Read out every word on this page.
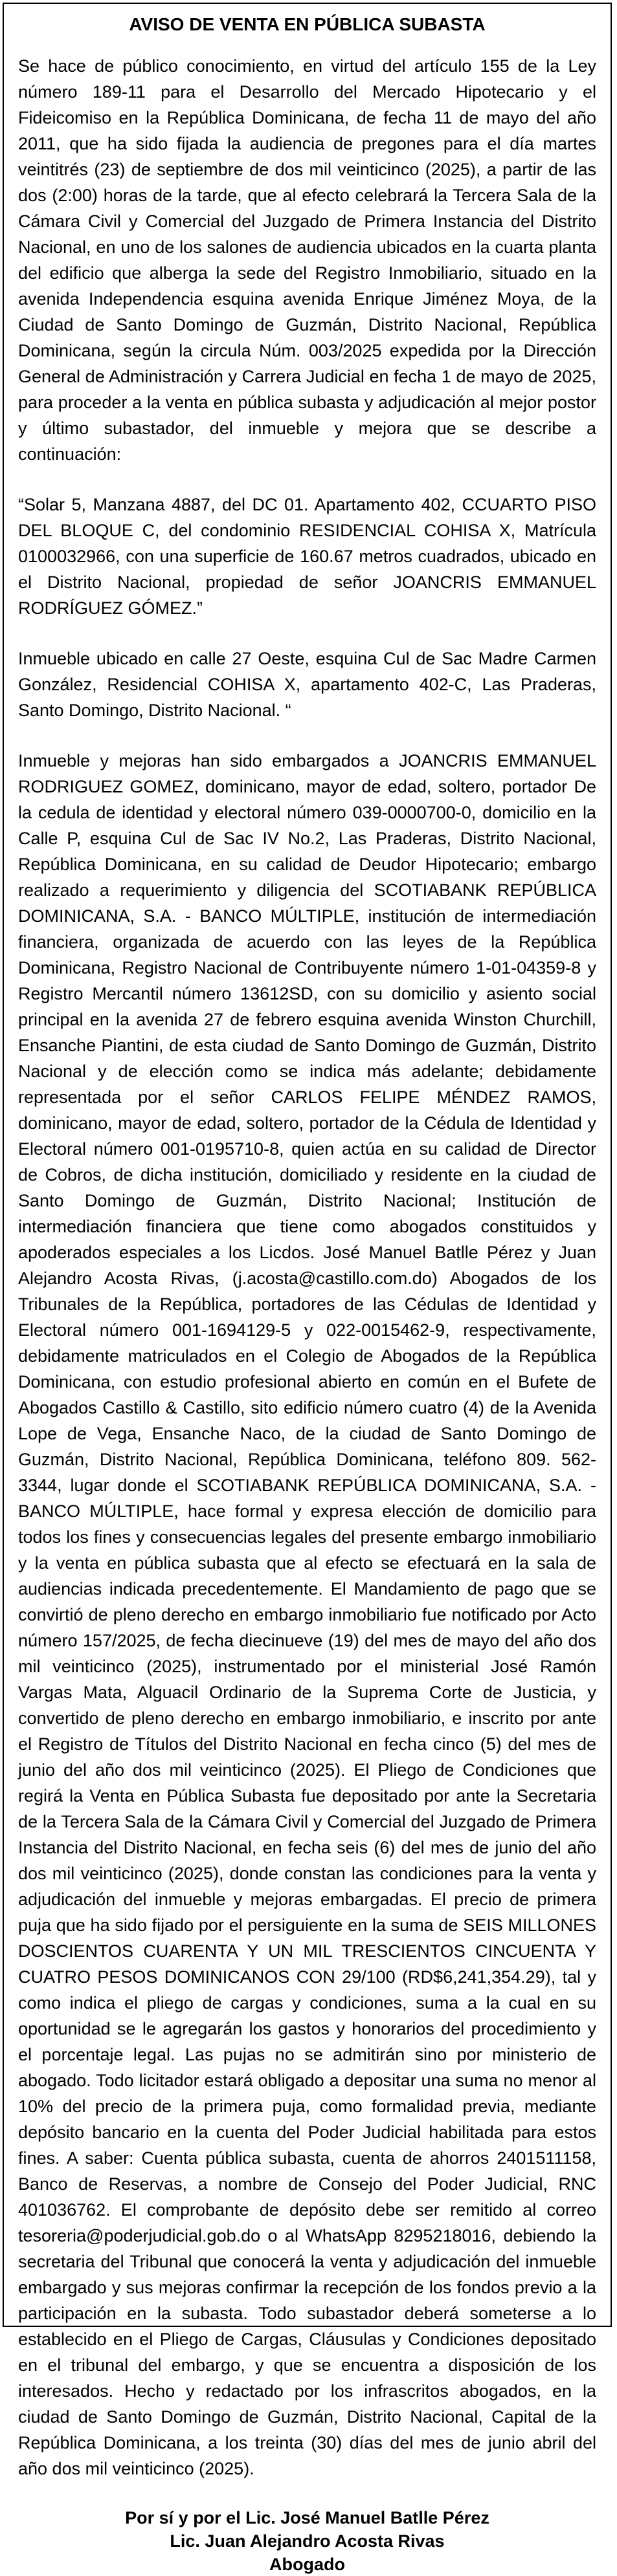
AVISO DE VENTA EN PÚBLICA SUBASTA

Se hace de público conocimiento, en virtud del artículo 155 de la Ley número 189-11 para el Desarrollo del Mercado Hipotecario y el Fideicomiso en la República Dominicana, de fecha 11 de mayo del año 2011, que ha sido fijada la audiencia de pregones para el día martes veintitrés (23) de septiembre de dos mil veinticinco (2025), a partir de las dos (2:00) horas de la tarde, que al efecto celebrará la Tercera Sala de la Cámara Civil y Comercial del Juzgado de Primera Instancia del Distrito Nacional, en uno de los salones de audiencia ubicados en la cuarta planta del edificio que alberga la sede del Registro Inmobiliario, situado en la avenida Independencia esquina avenida Enrique Jiménez Moya, de la Ciudad de Santo Domingo de Guzmán, Distrito Nacional, República Dominicana, según la circula Núm. 003/2025 expedida por la Dirección General de Administración y Carrera Judicial en fecha 1 de mayo de 2025, para proceder a la venta en pública subasta y adjudicación al mejor postor y último subastador, del inmueble y mejora que se describe a continuación:

“Solar 5, Manzana 4887, del DC 01. Apartamento 402, CCUARTO PISO DEL BLOQUE C, del condominio RESIDENCIAL COHISA X, Matrícula 0100032966, con una superficie de 160.67 metros cuadrados, ubicado en el Distrito Nacional, propiedad de señor JOANCRIS EMMANUEL RODRÍGUEZ GÓMEZ.”

Inmueble ubicado en calle 27 Oeste, esquina Cul de Sac Madre Carmen González, Residencial COHISA X, apartamento 402-C, Las Praderas, Santo Domingo, Distrito Nacional. “

Inmueble y mejoras han sido embargados a JOANCRIS EMMANUEL RODRIGUEZ GOMEZ, dominicano, mayor de edad, soltero, portador De la cedula de identidad y electoral número 039-0000700-0, domicilio en la Calle P, esquina Cul de Sac IV No.2, Las Praderas, Distrito Nacional, República Dominicana, en su calidad de Deudor Hipotecario; embargo realizado a requerimiento y diligencia del SCOTIABANK REPÚBLICA DOMINICANA, S.A. - BANCO MÚLTIPLE, institución de intermediación financiera, organizada de acuerdo con las leyes de la República Dominicana, Registro Nacional de Contribuyente número 1-01-04359-8 y Registro Mercantil número 13612SD, con su domicilio y asiento social principal en la avenida 27 de febrero esquina avenida Winston Churchill, Ensanche Piantini, de esta ciudad de Santo Domingo de Guzmán, Distrito Nacional y de elección como se indica más adelante; debidamente representada por el señor CARLOS FELIPE MÉNDEZ RAMOS, dominicano, mayor de edad, soltero, portador de la Cédula de Identidad y Electoral número 001-0195710-8, quien actúa en su calidad de Director de Cobros, de dicha institución, domiciliado y residente en la ciudad de Santo Domingo de Guzmán, Distrito Nacional; Institución de intermediación financiera que tiene como abogados constituidos y apoderados especiales a los Licdos. José Manuel Batlle Pérez y Juan Alejandro Acosta Rivas, (j.acosta@castillo.com.do) Abogados de los Tribunales de la República, portadores de las Cédulas de Identidad y Electoral número 001-1694129-5 y 022-0015462-9, respectivamente, debidamente matriculados en el Colegio de Abogados de la República Dominicana, con estudio profesional abierto en común en el Bufete de Abogados Castillo & Castillo, sito edificio número cuatro (4) de la Avenida Lope de Vega, Ensanche Naco, de la ciudad de Santo Domingo de Guzmán, Distrito Nacional, República Dominicana, teléfono 809. 562-3344, lugar donde el SCOTIABANK REPÚBLICA DOMINICANA, S.A. - BANCO MÚLTIPLE, hace formal y expresa elección de domicilio para todos los fines y consecuencias legales del presente embargo inmobiliario y la venta en pública subasta que al efecto se efectuará en la sala de audiencias indicada precedentemente. El Mandamiento de pago que se convirtió de pleno derecho en embargo inmobiliario fue notificado por Acto número 157/2025, de fecha diecinueve (19) del mes de mayo del año dos mil veinticinco (2025), instrumentado por el ministerial José Ramón Vargas Mata, Alguacil Ordinario de la Suprema Corte de Justicia, y convertido de pleno derecho en embargo inmobiliario, e inscrito por ante el Registro de Títulos del Distrito Nacional en fecha cinco (5) del mes de junio del año dos mil veinticinco (2025). El Pliego de Condiciones que regirá la Venta en Pública Subasta fue depositado por ante la Secretaria de la Tercera Sala de la Cámara Civil y Comercial del Juzgado de Primera Instancia del Distrito Nacional, en fecha seis (6) del mes de junio del año dos mil veinticinco (2025), donde constan las condiciones para la venta y adjudicación del inmueble y mejoras embargadas. El precio de primera puja que ha sido fijado por el persiguiente en la suma de SEIS MILLONES DOSCIENTOS CUARENTA Y UN MIL TRESCIENTOS CINCUENTA Y CUATRO PESOS DOMINICANOS CON 29/100 (RD$6,241,354.29), tal y como indica el pliego de cargas y condiciones, suma a la cual en su oportunidad se le agregarán los gastos y honorarios del procedimiento y el porcentaje legal. Las pujas no se admitirán sino por ministerio de abogado. Todo licitador estará obligado a depositar una suma no menor al 10% del precio de la primera puja, como formalidad previa, mediante depósito bancario en la cuenta del Poder Judicial habilitada para estos fines. A saber: Cuenta pública subasta, cuenta de ahorros 2401511158, Banco de Reservas, a nombre de Consejo del Poder Judicial, RNC 401036762. El comprobante de depósito debe ser remitido al correo tesoreria@poderjudicial.gob.do o al WhatsApp 8295218016, debiendo la secretaria del Tribunal que conocerá la venta y adjudicación del inmueble embargado y sus mejoras confirmar la recepción de los fondos previo a la participación en la subasta. Todo subastador deberá someterse a lo establecido en el Pliego de Cargas, Cláusulas y Condiciones depositado en el tribunal del embargo, y que se encuentra a disposición de los interesados. Hecho y redactado por los infrascritos abogados, en la ciudad de Santo Domingo de Guzmán, Distrito Nacional, Capital de la República Dominicana, a los treinta (30) días del mes de junio abril del año dos mil veinticinco (2025).

Por sí y por el Lic. José Manuel Batlle Pérez
Lic. Juan Alejandro Acosta Rivas
Abogado
